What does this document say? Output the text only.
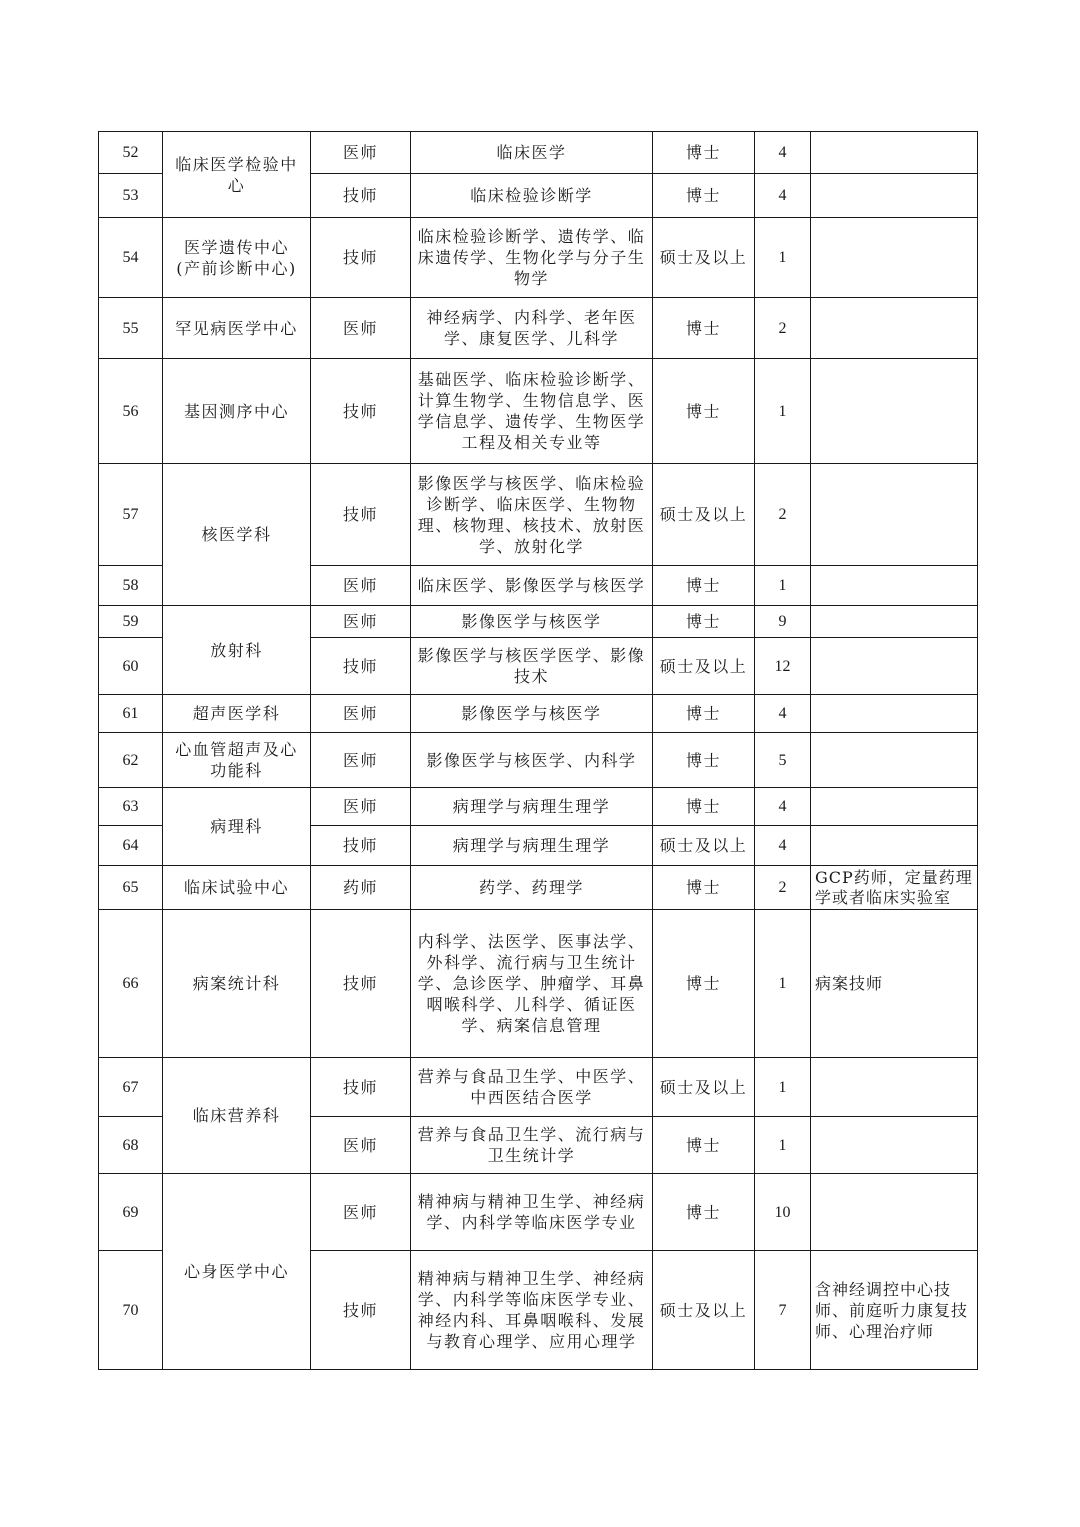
52	临床医学检验中心	医师	临床医学	博士	4	
53		技师	临床检验诊断学	博士	4	
54	医学遗传中心 (产前诊断中心)	技师	临床检验诊断学、遗传学、临床遗传学、生物化学与分子生物学	硕士及以上	1	
55	罕见病医学中心	医师	神经病学、内科学、老年医学、康复医学、儿科学	博士	2	
56	基因测序中心	技师	基础医学、临床检验诊断学、计算生物学、生物信息学、医学信息学、遗传学、生物医学工程及相关专业等	博士	1	
57	核医学科	技师	影像医学与核医学、临床检验诊断学、临床医学、生物物理、核物理、核技术、放射医学、放射化学	硕士及以上	2	
58		医师	临床医学、影像医学与核医学	博士	1	
59	放射科	医师	影像医学与核医学	博士	9	
60		技师	影像医学与核医学医学、影像技术	硕士及以上	12	
61	超声医学科	医师	影像医学与核医学	博士	4	
62	心血管超声及心功能科	医师	影像医学与核医学、内科学	博士	5	
63	病理科	医师	病理学与病理生理学	博士	4	
64		技师	病理学与病理生理学	硕士及以上	4	
65	临床试验中心	药师	药学、药理学	博士	2	GCP药师，定量药理学或者临床实验室
66	病案统计科	技师	内科学、法医学、医事法学、外科学、流行病与卫生统计学、急诊医学、肿瘤学、耳鼻咽喉科学、儿科学、循证医学、病案信息管理	博士	1	病案技师
67	临床营养科	技师	营养与食品卫生学、中医学、中西医结合医学	硕士及以上	1	
68		医师	营养与食品卫生学、流行病与卫生统计学	博士	1	
69	心身医学中心	医师	精神病与精神卫生学、神经病学、内科学等临床医学专业	博士	10	
70		技师	精神病与精神卫生学、神经病学、内科学等临床医学专业、神经内科、耳鼻咽喉科、发展与教育心理学、应用心理学	硕士及以上	7	含神经调控中心技师、前庭听力康复技师、心理治疗师
